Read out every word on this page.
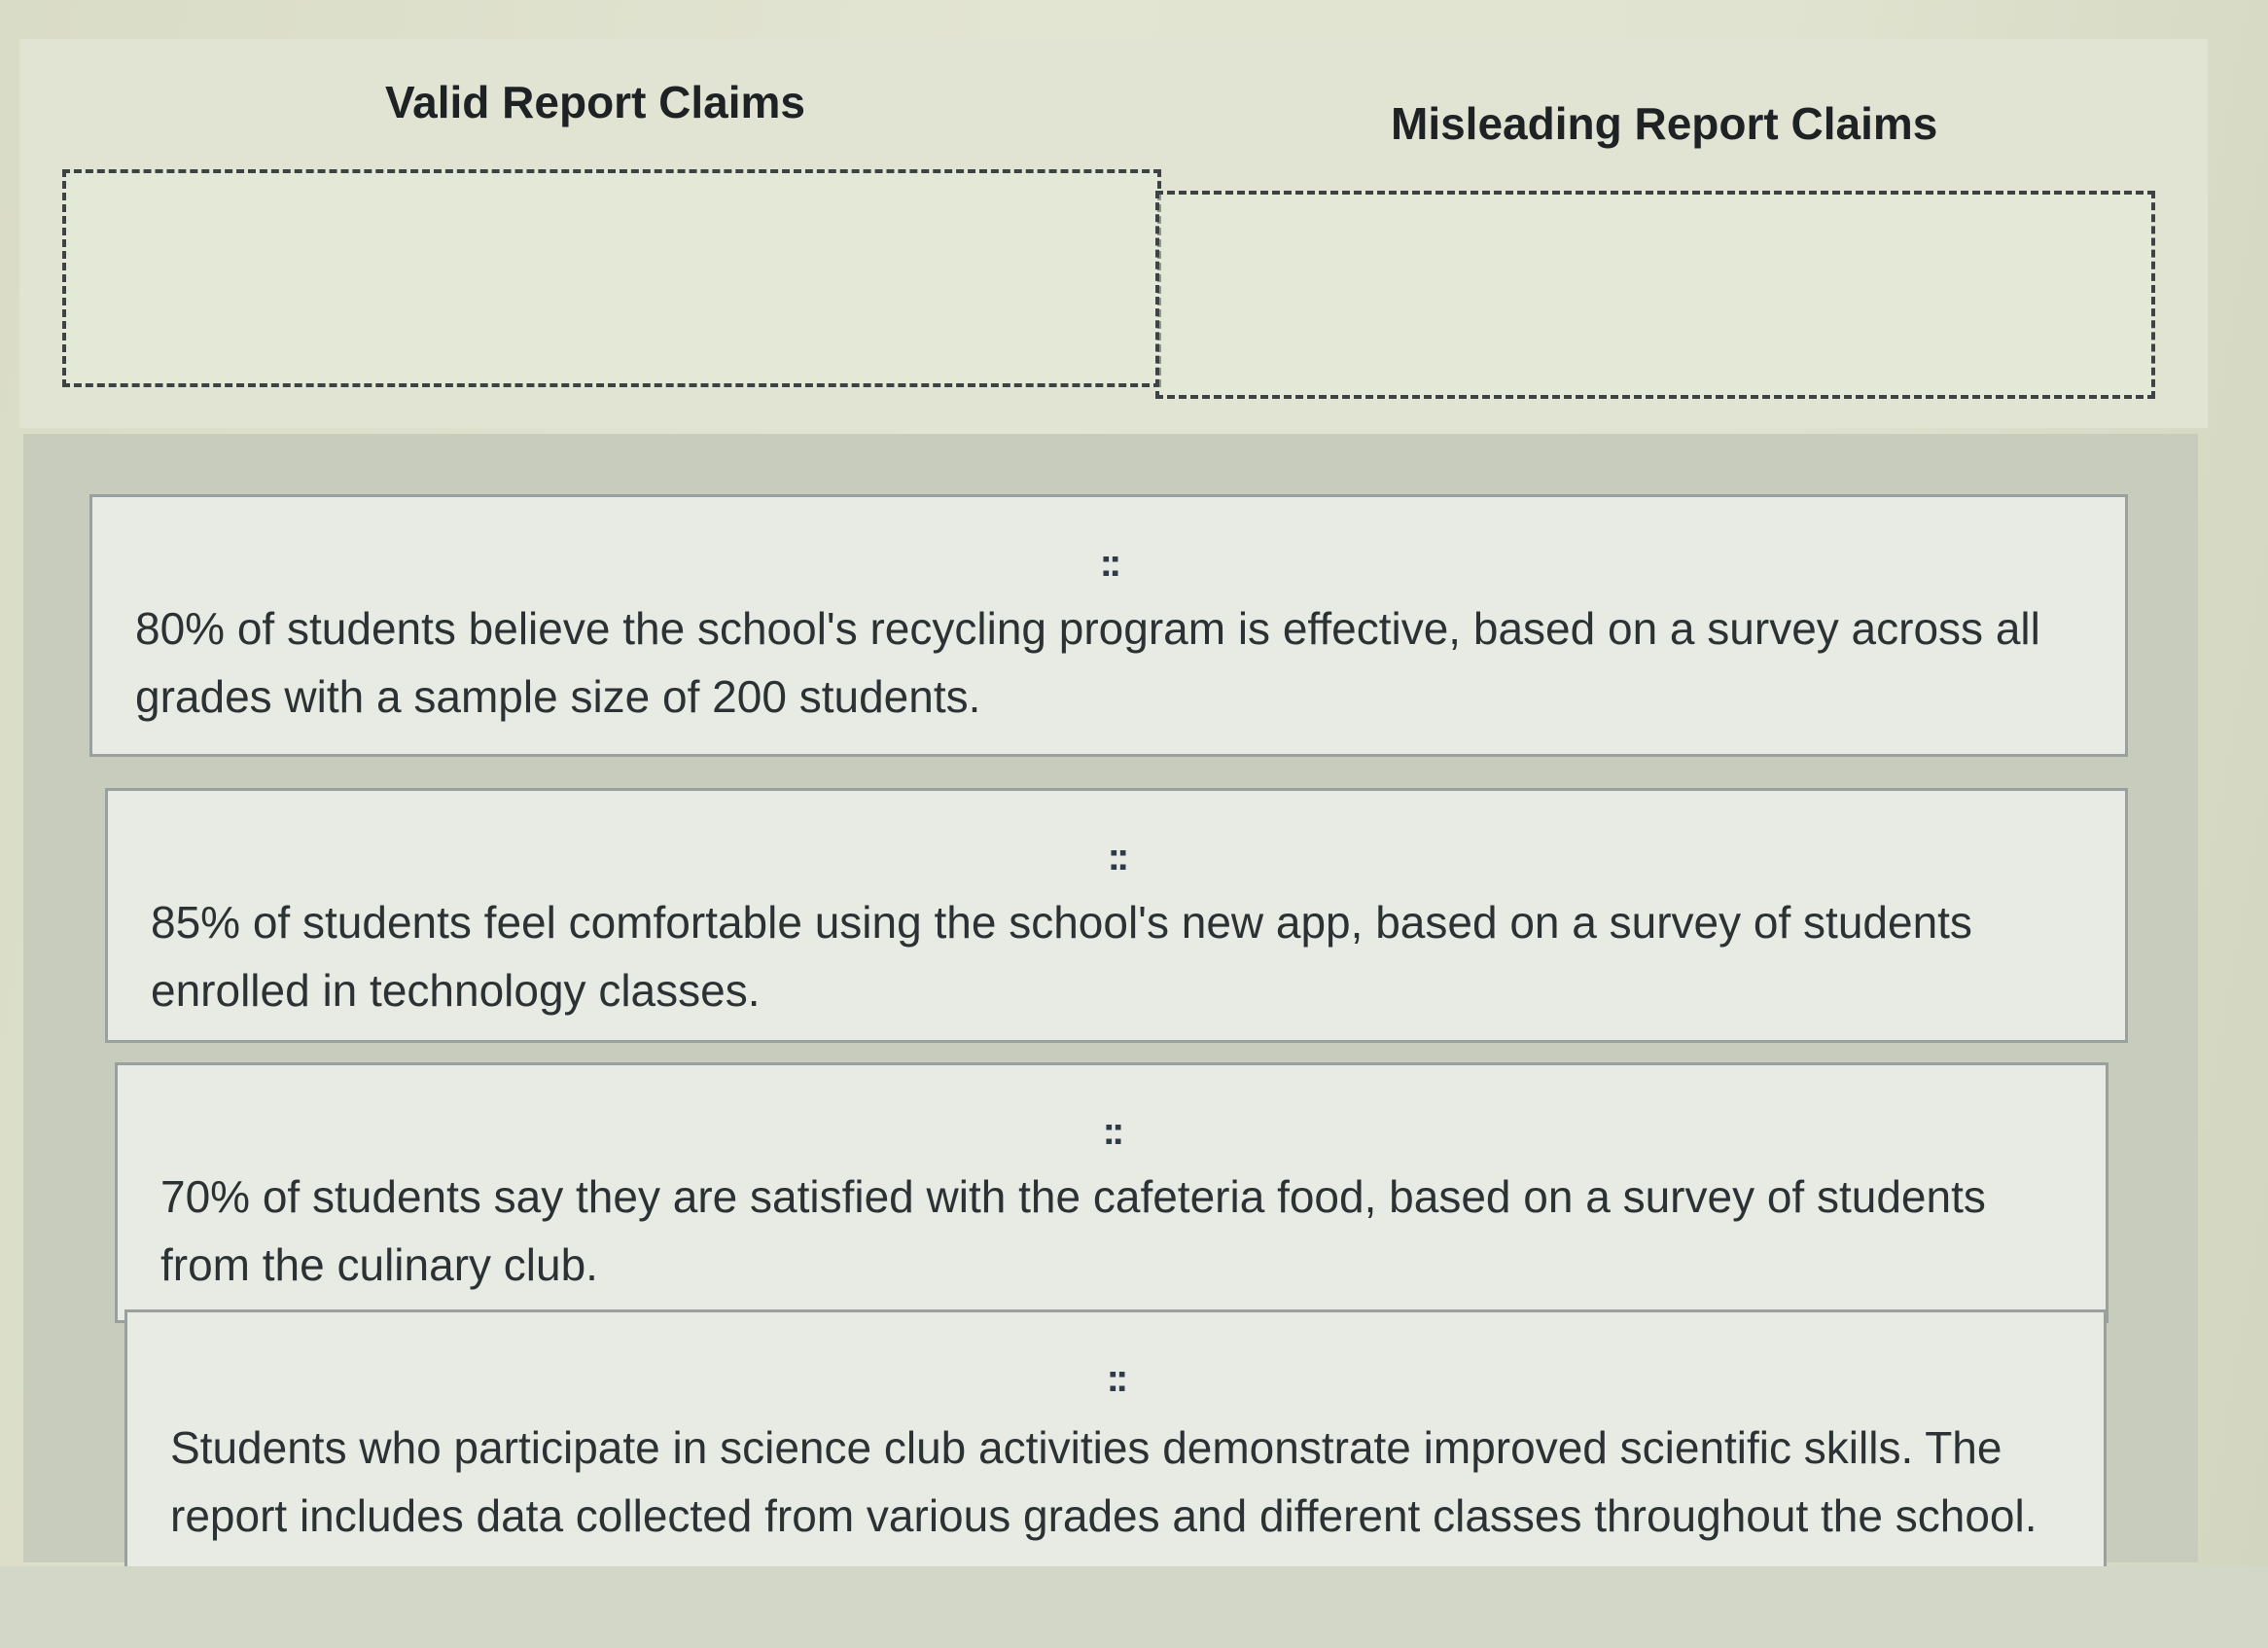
Valid Report Claims	Misleading Report Claims
::
80% of students believe the school's recycling program is effective, based on a survey across all grades with a sample size of 200 students.
::
85% of students feel comfortable using the school's new app, based on a survey of students enrolled in technology classes.
::
70% of students say they are satisfied with the cafeteria food, based on a survey of students from the culinary club.
::
Students who participate in science club activities demonstrate improved scientific skills. The report includes data collected from various grades and different classes throughout the school.
